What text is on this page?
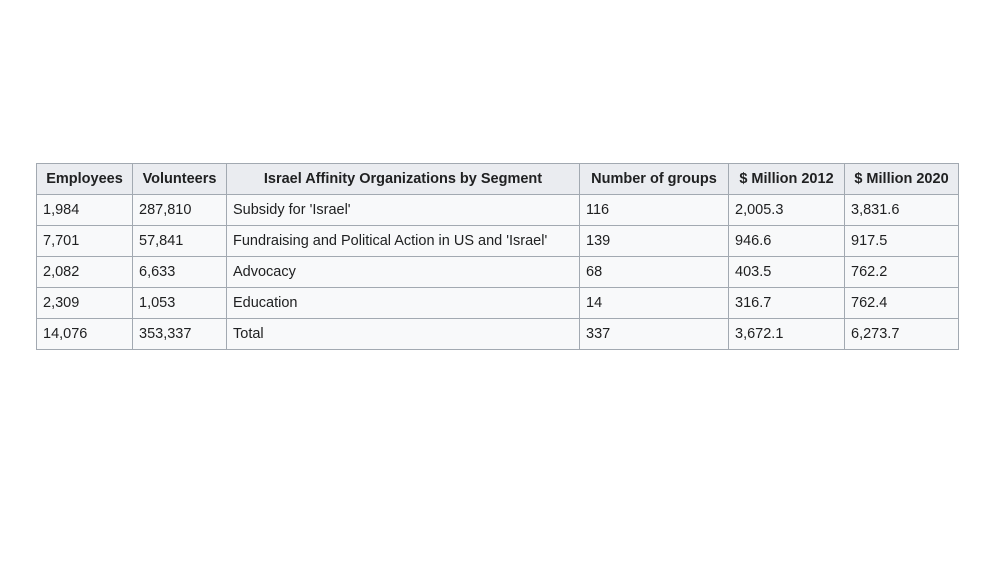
Employees	Volunteers	Israel Affinity Organizations by Segment	Number of groups	$ Million 2012	$ Million 2020
1,984	287,810	Subsidy for 'Israel'	116	2,005.3	3,831.6
7,701	57,841	Fundraising and Political Action in US and 'Israel'	139	946.6	917.5
2,082	6,633	Advocacy	68	403.5	762.2
2,309	1,053	Education	14	316.7	762.4
14,076	353,337	Total	337	3,672.1	6,273.7
